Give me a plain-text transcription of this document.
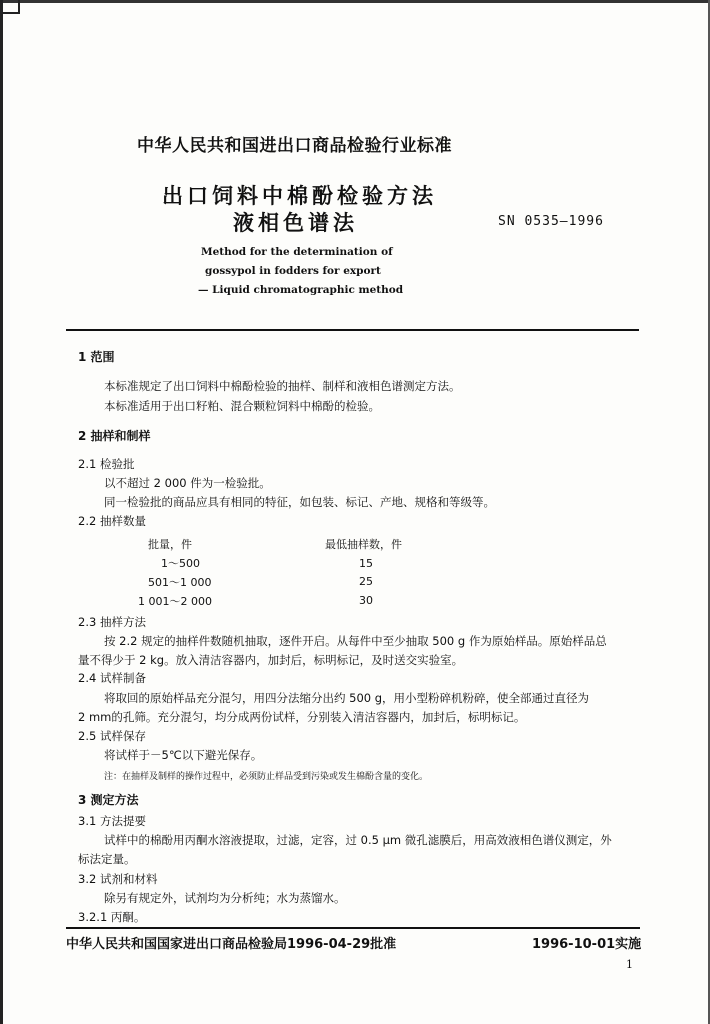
中华人民共和国进出口商品检验行业标准
出口饲料中棉酚检验方法
液相色谱法	SN 0535—1996
Method for the determination of
gossypol in fodders for export
— Liquid chromatographic method
1 范围
本标准规定了出口饲料中棉酚检验的抽样、制样和液相色谱测定方法。
本标准适用于出口籽粕、混合颗粒饲料中棉酚的检验。
2 抽样和制样
2.1 检验批
以不超过 2 000 件为一检验批。
同一检验批的商品应具有相同的特征，如包装、标记、产地、规格和等级等。
2.2 抽样数量
批量，件	最低抽样数，件
1～500	15
501～1 000	25
1 001～2 000	30
2.3 抽样方法
按 2.2 规定的抽样件数随机抽取，逐件开启。从每件中至少抽取 500 g 作为原始样品。原始样品总
量不得少于 2 kg。放入清洁容器内，加封后，标明标记，及时送交实验室。
2.4 试样制备
将取回的原始样品充分混匀，用四分法缩分出约 500 g，用小型粉碎机粉碎，使全部通过直径为
2 mm的孔筛。充分混匀，均分成两份试样，分别装入清洁容器内，加封后，标明标记。
2.5 试样保存
将试样于－5℃以下避光保存。
注：在抽样及制样的操作过程中，必须防止样品受到污染或发生棉酚含量的变化。
3 测定方法
3.1 方法提要
试样中的棉酚用丙酮水溶液提取，过滤，定容，过 0.5 μm 微孔滤膜后，用高效液相色谱仪测定，外
标法定量。
3.2 试剂和材料
除另有规定外，试剂均为分析纯；水为蒸馏水。
3.2.1 丙酮。
中华人民共和国国家进出口商品检验局1996-04-29批准	1996-10-01实施
1
